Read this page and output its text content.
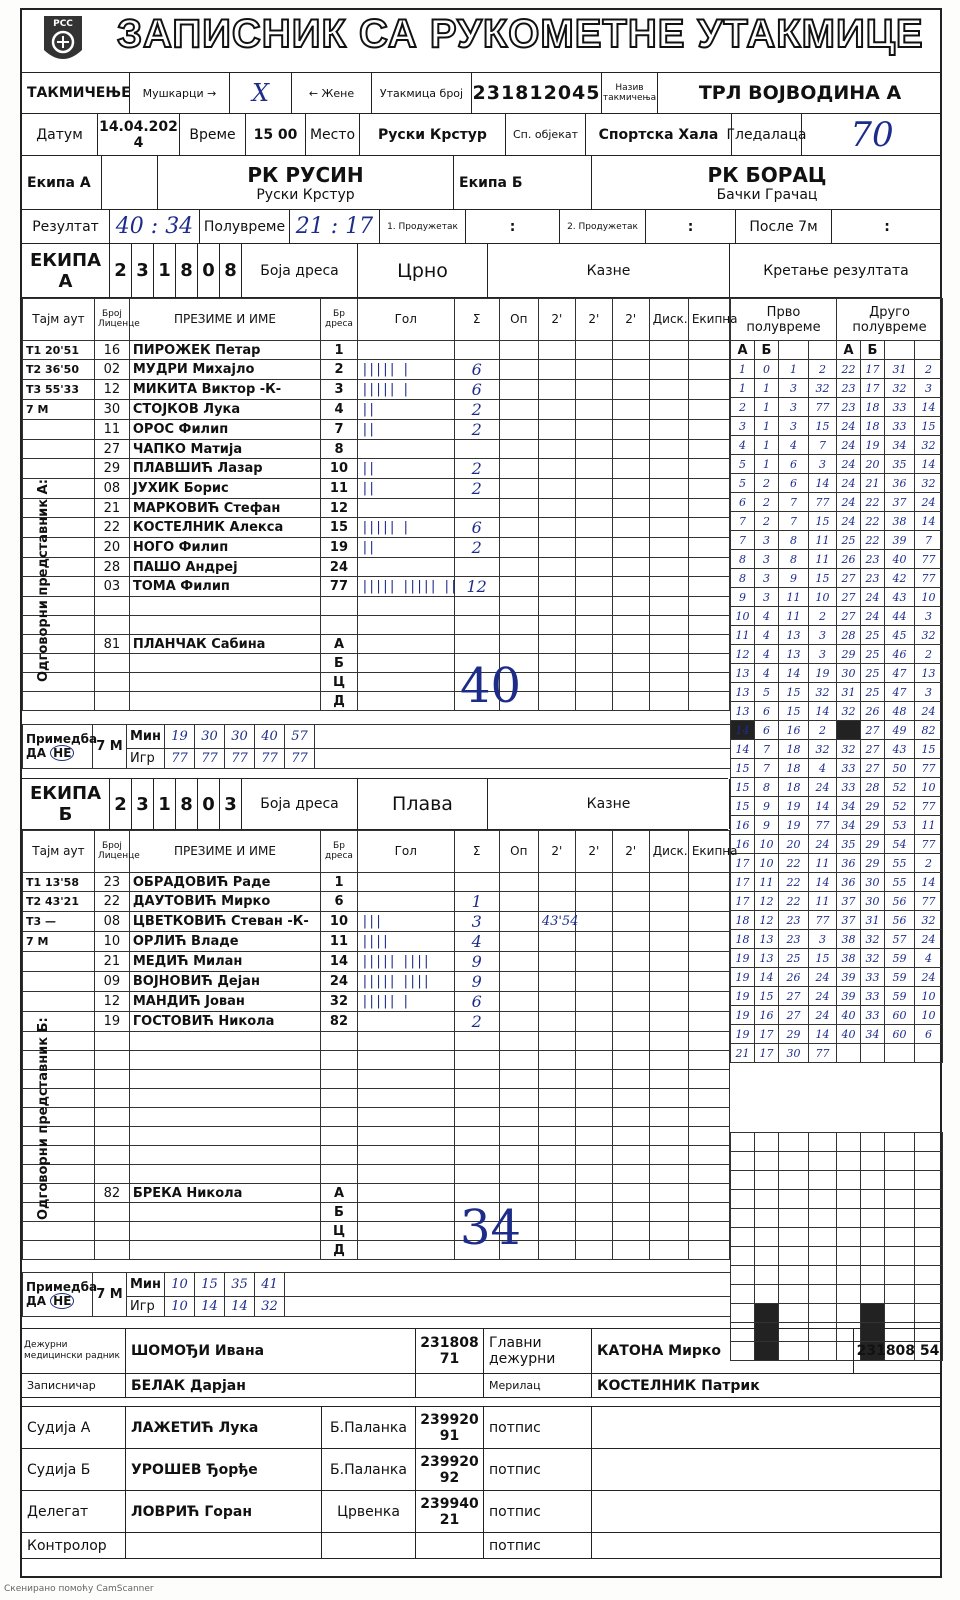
РСС ЗАПИСНИК СА РУКОМЕТНЕ УТАКМИЦЕ
ТАКМИЧЕЊЕ	Мушкарци →	X	← Жене	Утакмица број 231812045	Назив такмичења	ТРЛ ВОЈВОДИНА А
Датум	14.04.2024	Време	15 00 Место	Руски Крстур	Сп. објекат	Спортска Хала Гледалаца	70
Екипа А	РК РУСИН
Руски Крстур
Екипа Б	РК БОРАЦ
Бачки Грачац
Резултат 40 : 34 Полувреме 21 : 17	1. Продужетак	:	2. Продужетак	:	После 7м	:
ЕКИПА А	2 3 1 8 0 8	Боја дреса	Црно	Казне	Кретање резултата
Тајм аут	Број Лиценце	ПРЕЗИМЕ И ИМЕ	Бр дреса	Гол	Σ	Оп	2'	2'	2'	Диск.	Екипна
T1 20'51	16	ПИРОЖЕК Петар	1								
T2 36'50	02	МУДРИ Михајло	2	||||| |	6						
T3 55'33	12	МИКИТА Виктор -К-	3	||||| |	6						
7 М	30	СТОЈКОВ Лука	4	||	2						
	11	ОРОС Филип	7	||	2						
	27	ЧАПКО Матија	8								
	29	ПЛАВШИЋ Лазар	10	||	2						
	08	ЈУХИК Борис	11	||	2						
	21	МАРКОВИЋ Стефан	12								
	22	КОСТЕЛНИК Алекса	15	||||| |	6						
	20	НОГО Филип	19	||	2						
	28	ПАШО Андреј	24								
	03	ТОМА Филип	77	||||| ||||| ||	12						

	81	ПЛАНЧАК Сабина	А								
			Б								
			Ц								
			Д								
Прво полувреме				Друго полувреме			
А	Б			А	Б		
1	0	1	2	22	17	31	2
1	1	3	32	23	17	32	3
2	1	3	77	23	18	33	14
3	1	3	15	24	18	33	15
4	1	4	7	24	19	34	32
5	1	6	3	24	20	35	14
5	2	6	14	24	21	36	32
6	2	7	77	24	22	37	24
7	2	7	15	24	22	38	14
7	3	8	11	25	22	39	7
8	3	8	11	26	23	40	77
8	3	9	15	27	23	42	77
9	3	11	10	27	24	43	10
10	4	11	2	27	24	44	3
11	4	13	3	28	25	45	32
12	4	13	3	29	25	46	2
13	4	14	19	30	25	47	13
13	5	15	32	31	25	47	3
13	6	15	14	32	26	48	24
14	6	16	2		27	49	82
14	7	18	32	32	27	43	15
15	7	18	4	33	27	50	77
15	8	18	24	33	28	52	10
15	9	19	14	34	29	52	77
16	9	19	77	34	29	53	11
16	10	20	24	35	29	54	77
17	10	22	11	36	29	55	2
17	11	22	14	36	30	55	14
17	12	22	11	37	30	56	77
18	12	23	77	37	31	56	32
18	13	23	3	38	32	57	24
19	13	25	15	38	32	59	4
19	14	26	24	39	33	59	24
19	15	27	24	39	33	59	10
19	16	27	24	40	33	60	10
19	17	29	14	40	34	60	6
21	17	30	77				
40
Одговорни представник А:
Примедба
ДА НЕ	7 М	Мин	19	30	30	40	57	
		Игр	77	77	77	77	77	
ЕКИПА Б	2 3 1 8 0 3	Боја дреса	Плава	Казне
Тајм аут	Број Лиценце	ПРЕЗИМЕ И ИМЕ	Бр дреса	Гол	Σ	Оп	2'	2'	2'	Диск.	Екипна
T1 13'58	23	ОБРАДОВИЋ Раде	1								
T2 43'21	22	ДАУТОВИЋ Мирко	6		1						
T3 —	08	ЦВЕТКОВИЋ Стеван -К-	10	|||	3		43'54				
7 М	10	ОРЛИЋ Владе	11	||||	4						
	21	МЕДИЋ Милан	14	||||| ||||	9						
	09	ВОЈНОВИЋ Дејан	24	||||| ||||	9						
	12	МАНДИЋ Јован	32	||||| |	6						
	19	ГОСТОВИЋ Никола	82		2						

	82	БРЕКА Никола	А								
			Б								
			Ц								
			Д								34
Одговорни представник Б:
Примедба
ДА НЕ	7 М	Мин	10	15	35	41	
		Игр	10	14	14	32	

Дежурни медицински радник ШОМОЂИ Ивана	231808 71
Главни дежурни	КАТОНА Мирко	231808 54
Записничар	БЕЛАК Дарјан	Мерилац	КОСТЕЛНИК Патрик
Судија А	ЛАЖЕТИЋ Лука	Б.Паланка 239920 91	потпис
Судија Б	УРОШЕВ Ђорђе	Б.Паланка 239920 92	потпис
Делегат	ЛОВРИЋ Горан	Црвенка	239940 21	потпис
Контролор	потпис
Скенирано помоћу CamScanner
